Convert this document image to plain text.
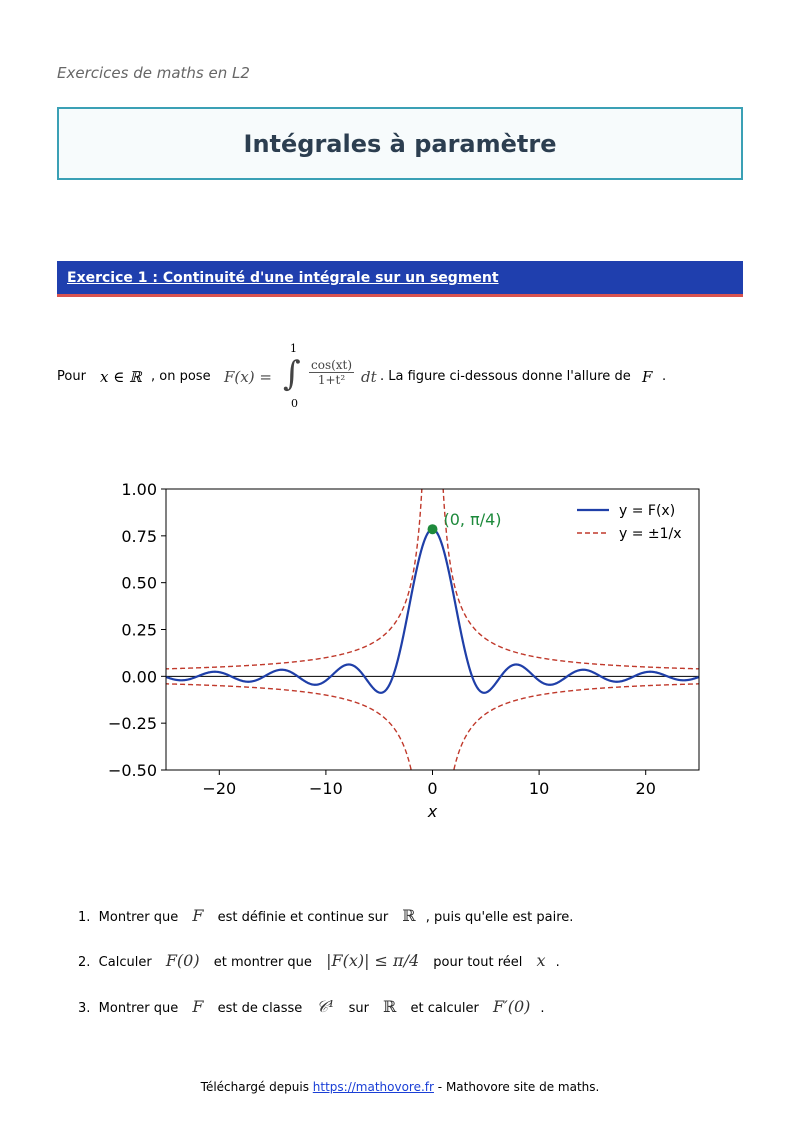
Exercices de maths en L2
Intégrales à paramètre
Exercice 1 : Continuité d'une intégrale sur un segment
Pour x ∈ ℝ , on pose F(x) =
1
∫
0
$\frac{\cos(xt)}{\text{1+t²}}$ dt . La figure ci-dessous donne l'allure de F .
−20	−10	0	10	20
1.00
0.75
0.50
0.25
0.00
−0.25
−0.50
x
(0, π/4)	y = F(x)
y = ±1/x
1. Montrer que F est définie et continue sur ℝ , puis qu'elle est paire.
2. Calculer F(0) et montrer que |F(x)| ≤ π/4 pour tout réel x .
3. Montrer que F est de classe 𝒞¹ sur ℝ et calculer F′(0) .
Téléchargé depuis https://mathovore.fr - Mathovore site de maths.
